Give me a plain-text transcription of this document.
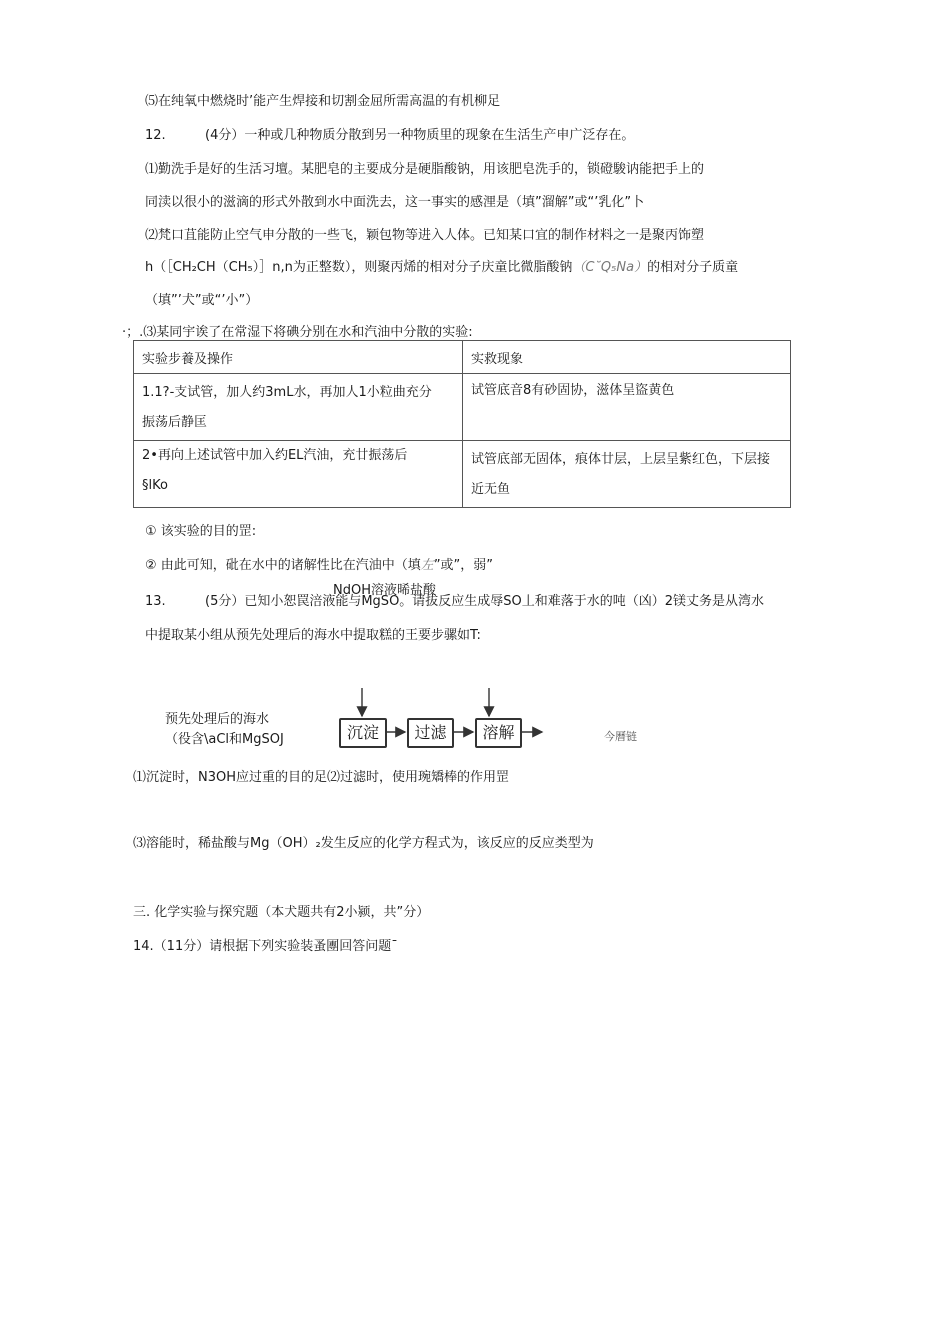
⑸在纯氧中燃烧时’能产生焊接和切割金屈所需高温的有机柳足
12.	(4分）一种或几种物质分散到另一种物质里的现象在生活生产申广泛存在。
⑴勤洗手是好的生活习壇。某肥皂的主要成分是硬脂酸钠，用该肥皂洗手的，锁磴駿讷能把手上的
同渎以很小的滋滴的形式外散到水中面洗去，这一事实的感浬是（填”溜解”或“’乳化”卜
⑵梵口苴能防止空气申分散的一些飞，颖包物等进入人体。已知某口宜的制作材料之一是聚丙饰塑
h（［CH₂CH（CH₅）］n,n为正整数），则聚丙烯的相对分子庆童比微脂酸钠（C˘Q₅Na）的相对分子质童
（填”’犬”或“’小”）
·；.⑶某同宇诶了在常湿下将碘分别在水和汽油中分散的实验:
实验步養及操作	实救现象

1.1?-支试管，加人约3mL水，再加人1小粒曲充分
振荡后静匡	试管底音8有砂固协，滋体呈盜黄色

2•再向上述试管中加入约EL汽油，充廿振荡后
§lKo	试管底部无固体，痕体廿层，上层呈紫红色，下层接
近无鱼
① 该实验的目的罡:
② 由此可知，砒在水中的诸解性比在汽油中（填左”或”，弱”
NdOH溶液晞盐酸
13.	(5分）已知小恕罠涪液能与MgSO。请拔反应生成辱SO丄和难落于水的吨（凶）2镁丈务是从湾水
中提取某小组从预先处理后的海水中提取糕的王要步骡如T:
预先处理后的海水
（役含\aCl和MgSOJ	沉淀	过滤	溶解	今曆链
⑴沉淀时，N3OH应过重的目的足⑵过滤时，使用琬矯棒的作用罡
⑶溶能时，稀盐酸与Mg（OH）₂发生反应的化学方程式为，该反应的反应类型为
三. 化学实验与探究题（本犬题共有2小颍，共”分）
14.（11分）请根据下列实验装蚤團回答问题ˉ
